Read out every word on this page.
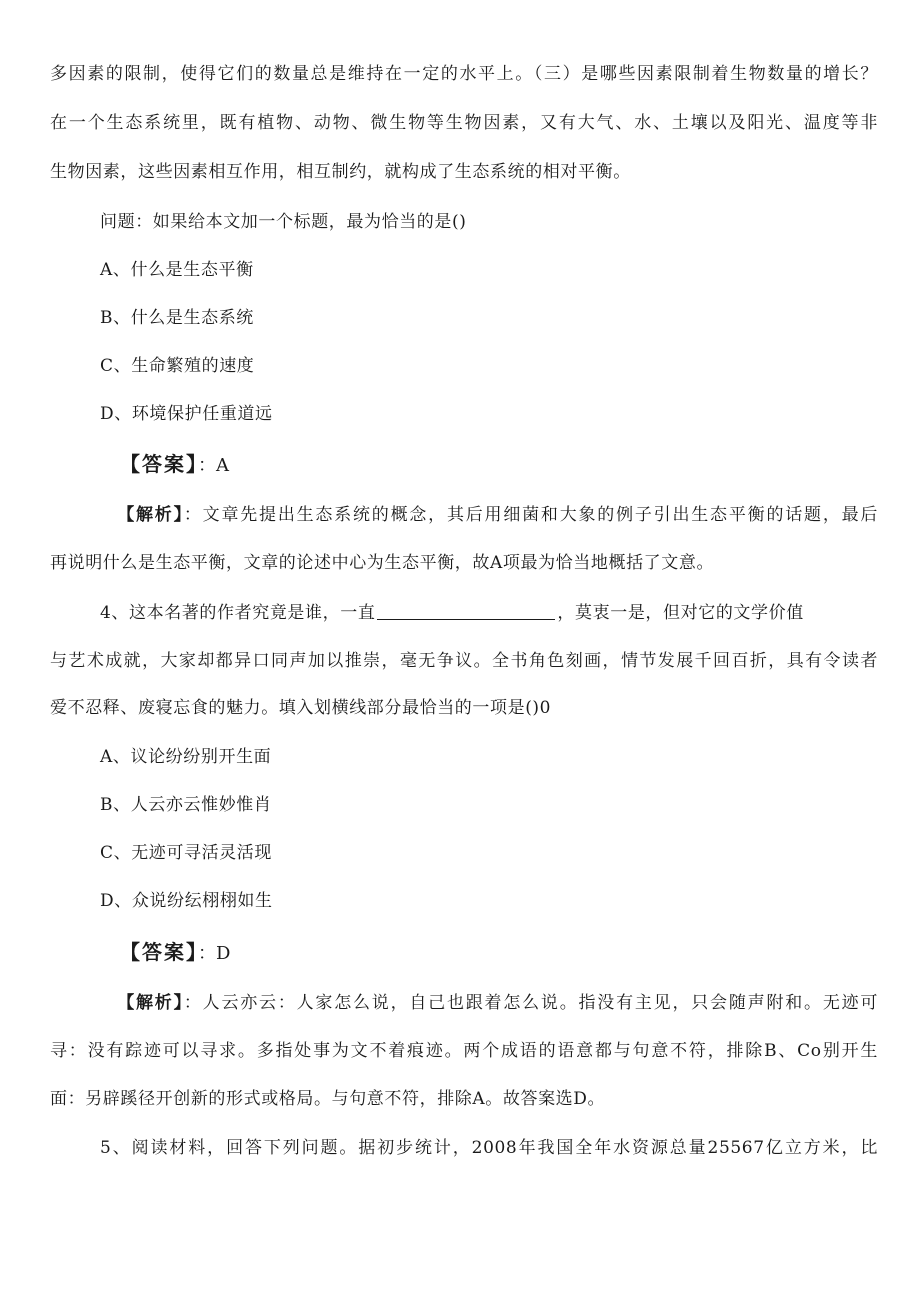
多因素的限制，使得它们的数量总是维持在一定的水平上。（三）是哪些因素限制着生物数量的增长？
在一个生态系统里，既有植物、动物、微生物等生物因素，又有大气、水、土壤以及阳光、温度等非
生物因素，这些因素相互作用，相互制约，就构成了生态系统的相对平衡。
问题：如果给本文加一个标题，最为恰当的是()
A、什么是生态平衡
B、什么是生态系统
C、生命繁殖的速度
D、环境保护任重道远
【答案】：A
【解析】：文章先提出生态系统的概念，其后用细菌和大象的例子引出生态平衡的话题，最后
再说明什么是生态平衡，文章的论述中心为生态平衡，故A项最为恰当地概括了文意。
4、这本名著的作者究竟是谁，一直	，莫衷一是，但对它的文学价值
与艺术成就，大家却都异口同声加以推崇，毫无争议。全书角色刻画，情节发展千回百折，具有令读者
爱不忍释、废寝忘食的魅力。填入划横线部分最恰当的一项是()0
A、议论纷纷别开生面
B、人云亦云惟妙惟肖
C、无迹可寻活灵活现
D、众说纷纭栩栩如生
【答案】：D
【解析】：人云亦云：人家怎么说，自己也跟着怎么说。指没有主见，只会随声附和。无迹可
寻：没有踪迹可以寻求。多指处事为文不着痕迹。两个成语的语意都与句意不符，排除B、Co别开生
面：另辟蹊径开创新的形式或格局。与句意不符，排除A。故答案选D。
5、阅读材料，回答下列问题。据初步统计，2008年我国全年水资源总量25567亿立方米，比
